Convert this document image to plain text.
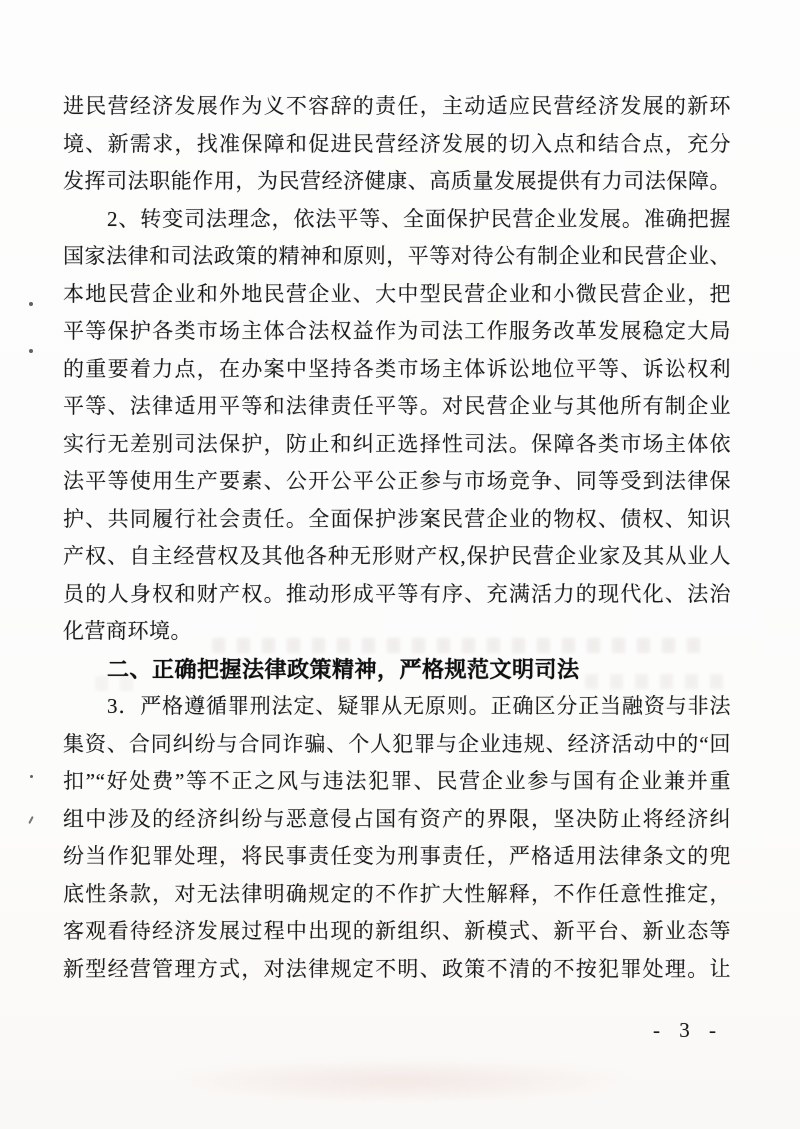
进民营经济发展作为义不容辞的责任，主动适应民营经济发展的新环
境、新需求，找准保障和促进民营经济发展的切入点和结合点，充分
发挥司法职能作用，为民营经济健康、高质量发展提供有力司法保障。
2、转变司法理念，依法平等、全面保护民营企业发展。准确把握
国家法律和司法政策的精神和原则，平等对待公有制企业和民营企业、
本地民营企业和外地民营企业、大中型民营企业和小微民营企业，把
平等保护各类市场主体合法权益作为司法工作服务改革发展稳定大局
的重要着力点，在办案中坚持各类市场主体诉讼地位平等、诉讼权利
平等、法律适用平等和法律责任平等。对民营企业与其他所有制企业
实行无差别司法保护，防止和纠正选择性司法。保障各类市场主体依
法平等使用生产要素、公开公平公正参与市场竞争、同等受到法律保
护、共同履行社会责任。全面保护涉案民营企业的物权、债权、知识
产权、自主经营权及其他各种无形财产权,保护民营企业家及其从业人
员的人身权和财产权。推动形成平等有序、充满活力的现代化、法治
化营商环境。
二、正确把握法律政策精神，严格规范文明司法
3．严格遵循罪刑法定、疑罪从无原则。正确区分正当融资与非法
集资、合同纠纷与合同诈骗、个人犯罪与企业违规、经济活动中的“回
扣”“好处费”等不正之风与违法犯罪、民营企业参与国有企业兼并重
组中涉及的经济纠纷与恶意侵占国有资产的界限，坚决防止将经济纠
纷当作犯罪处理，将民事责任变为刑事责任，严格适用法律条文的兜
底性条款，对无法律明确规定的不作扩大性解释，不作任意性推定，
客观看待经济发展过程中出现的新组织、新模式、新平台、新业态等
新型经营管理方式，对法律规定不明、政策不清的不按犯罪处理。让
- 3 -
